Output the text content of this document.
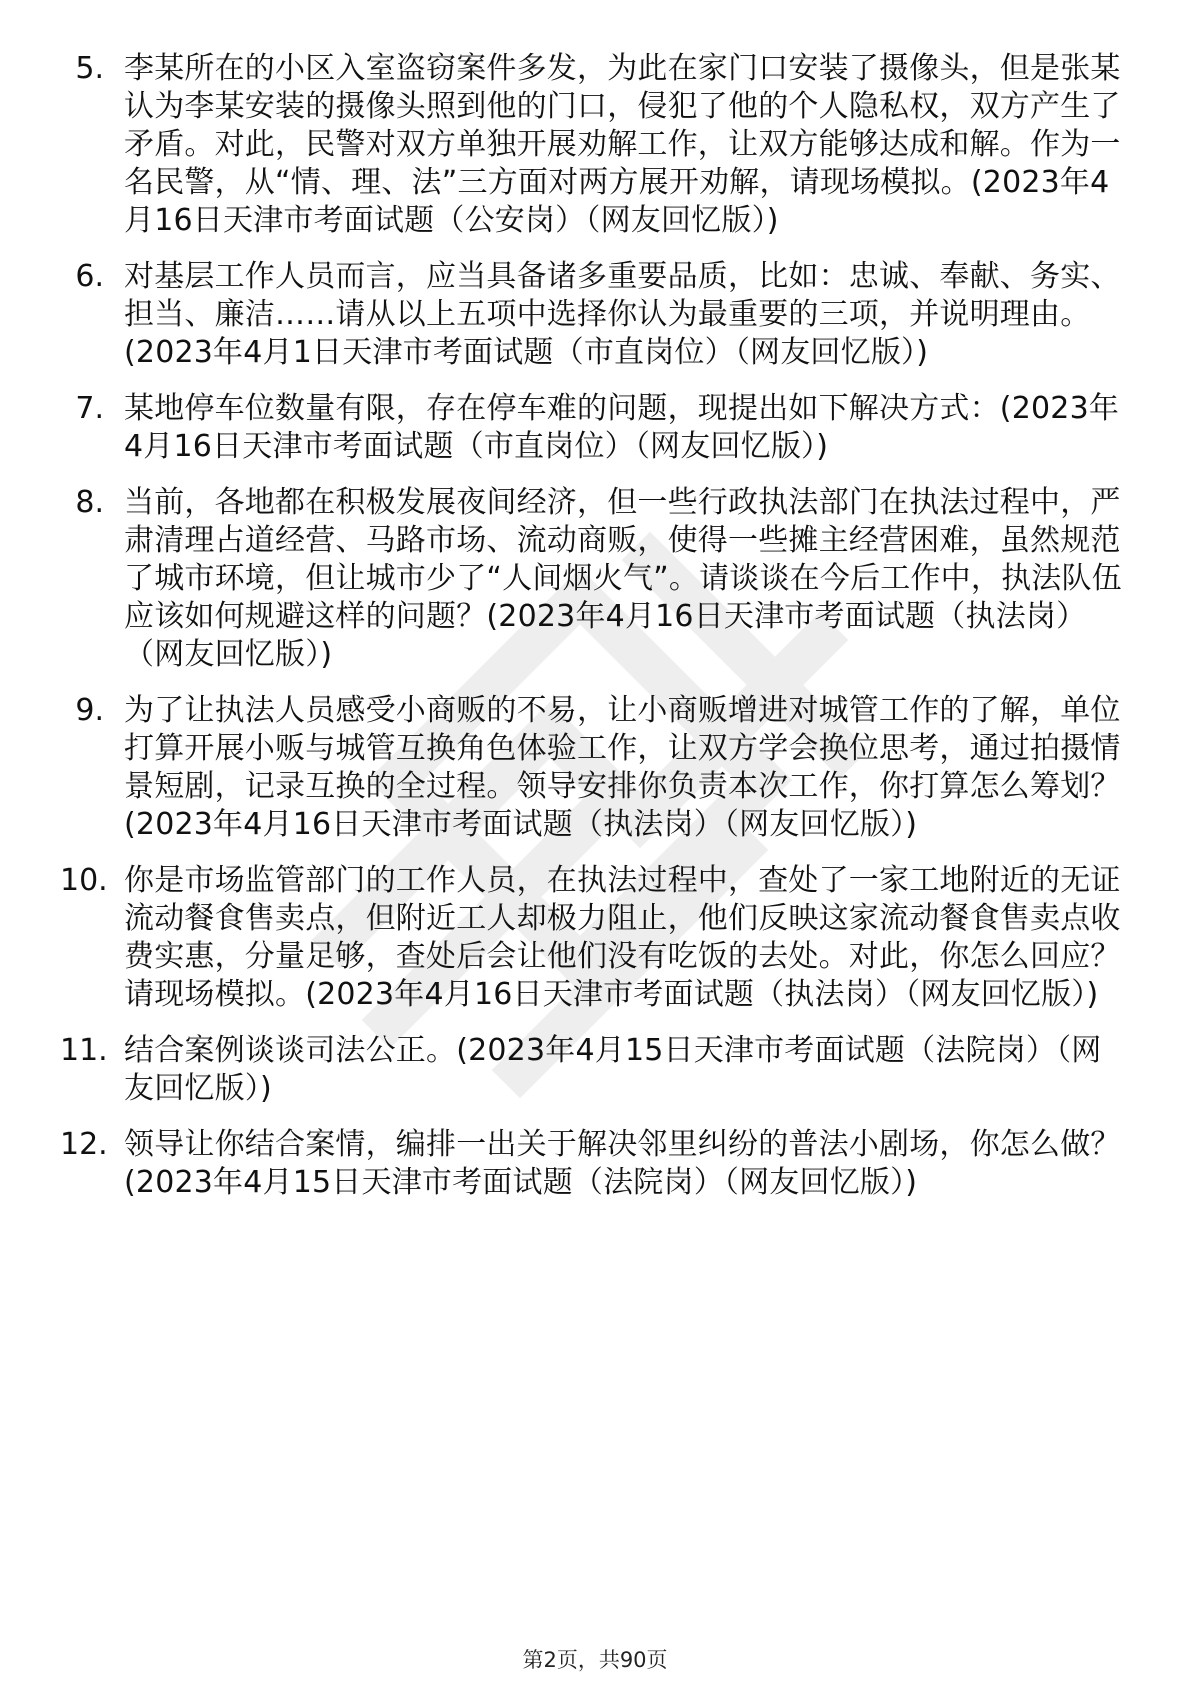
5. 李某所在的小区入室盗窃案件多发，为此在家门口安装了摄像头，但是张某认为李某安装的摄像头照到他的门口，侵犯了他的个人隐私权，双方产生了矛盾。对此，民警对双方单独开展劝解工作，让双方能够达成和解。作为一名民警，从“情、理、法”三方面对两方展开劝解，请现场模拟。(2023年4月16日天津市考面试题（公安岗）（网友回忆版）)
6. 对基层工作人员而言，应当具备诸多重要品质，比如：忠诚、奉献、务实、担当、廉洁……请从以上五项中选择你认为最重要的三项，并说明理由。(2023年4月1日天津市考面试题（市直岗位）（网友回忆版）)
7. 某地停车位数量有限，存在停车难的问题，现提出如下解决方式：(2023年4月16日天津市考面试题（市直岗位）（网友回忆版）)
8. 当前，各地都在积极发展夜间经济，但一些行政执法部门在执法过程中，严肃清理占道经营、马路市场、流动商贩，使得一些摊主经营困难，虽然规范了城市环境，但让城市少了“人间烟火气”。请谈谈在今后工作中，执法队伍应该如何规避这样的问题？(2023年4月16日天津市考面试题（执法岗）（网友回忆版）)
9. 为了让执法人员感受小商贩的不易，让小商贩增进对城管工作的了解，单位打算开展小贩与城管互换角色体验工作，让双方学会换位思考，通过拍摄情景短剧，记录互换的全过程。领导安排你负责本次工作，你打算怎么筹划？(2023年4月16日天津市考面试题（执法岗）（网友回忆版）)
10. 你是市场监管部门的工作人员，在执法过程中，查处了一家工地附近的无证流动餐食售卖点，但附近工人却极力阻止，他们反映这家流动餐食售卖点收费实惠，分量足够，查处后会让他们没有吃饭的去处。对此，你怎么回应？请现场模拟。(2023年4月16日天津市考面试题（执法岗）（网友回忆版）)
11. 结合案例谈谈司法公正。(2023年4月15日天津市考面试题（法院岗）（网友回忆版）)
12. 领导让你结合案情，编排一出关于解决邻里纠纷的普法小剧场，你怎么做？(2023年4月15日天津市考面试题（法院岗）（网友回忆版）)
第2页，共90页
